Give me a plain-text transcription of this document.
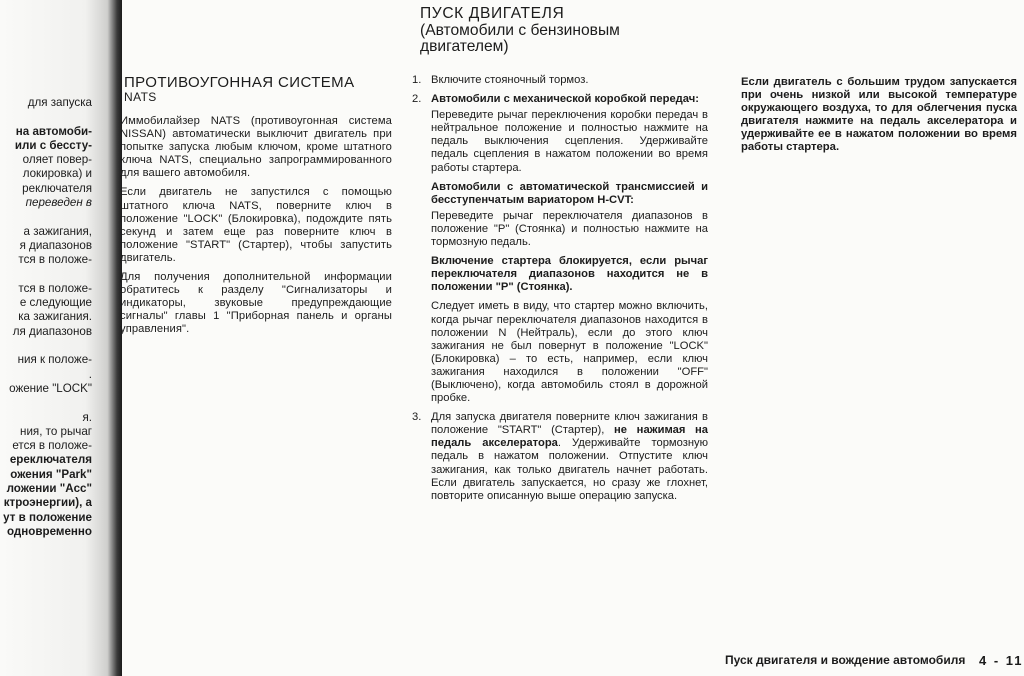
для запуска

на автомоби-
или с бессту-
оляет повер-
локировка) и
реключателя
переведен в

а зажигания,
я диапазонов
тся в положе-

тся в положе-
е следующие
ка зажигания.
ля диапазонов

ния к положе-
.
ожение "LOCK"

я.
ния, то рычаг
ется в положе-
ереключателя
ожения "Park"
ложении "Acc"
ктроэнергии), а
ут в положение
одновременно
ПУСК ДВИГАТЕЛЯ
(Автомобили с бензиновым
двигателем)
ПРОТИВОУГОННАЯ СИСТЕМА
NATS

Иммобилайзер NATS (противоугонная система NISSAN) автоматически выключит двигатель при попытке запуска любым ключом, кроме штатного ключа NATS, специально запрограммированного для вашего автомобиля.

Если двигатель не запустился с помощью штатного ключа NATS, поверните ключ в положение "LOCK" (Блокировка), подождите пять секунд и затем еще раз поверните ключ в положение "START" (Стартер), чтобы запустить двигатель.

Для получения дополнительной информации обратитесь к разделу "Сигнализаторы и индикаторы, звуковые предупреждающие сигналы" главы 1 "Приборная панель и органы управления".

1. Включите стояночный тормоз.

2. Автомобили с механической коробкой передач:

Переведите рычаг переключения коробки передач в нейтральное положение и полностью нажмите на педаль выключения сцепления. Удерживайте педаль сцепления в нажатом положении во время работы стартера.

Автомобили с автоматической трансмиссией и бесступенчатым вариатором H-CVT:

Переведите рычаг переключателя диапазонов в положение "P" (Стоянка) и полностью нажмите на тормозную педаль.

Включение стартера блокируется, если рычаг переключателя диапазонов находится не в положении "P" (Стоянка).

Следует иметь в виду, что стартер можно включить, когда рычаг переключателя диапазонов находится в положении N (Нейтраль), если до этого ключ зажигания не был повернут в положение "LOCK" (Блокировка) – то есть, например, если ключ зажигания находился в положении "OFF" (Выключено), когда автомобиль стоял в дорожной пробке.

3. Для запуска двигателя поверните ключ зажигания в положение "START" (Стартер), не нажимая на педаль акселератора. Удерживайте тормозную педаль в нажатом положении. Отпустите ключ зажигания, как только двигатель начнет работать. Если двигатель запускается, но сразу же глохнет, повторите описанную выше операцию запуска.

Если двигатель с большим трудом запускается при очень низкой или высокой температуре окружающего воздуха, то для облегчения пуска двигателя нажмите на педаль акселератора и удерживайте ее в нажатом положении во время работы стартера.
Пуск двигателя и вождение автомобиля 4 - 11
